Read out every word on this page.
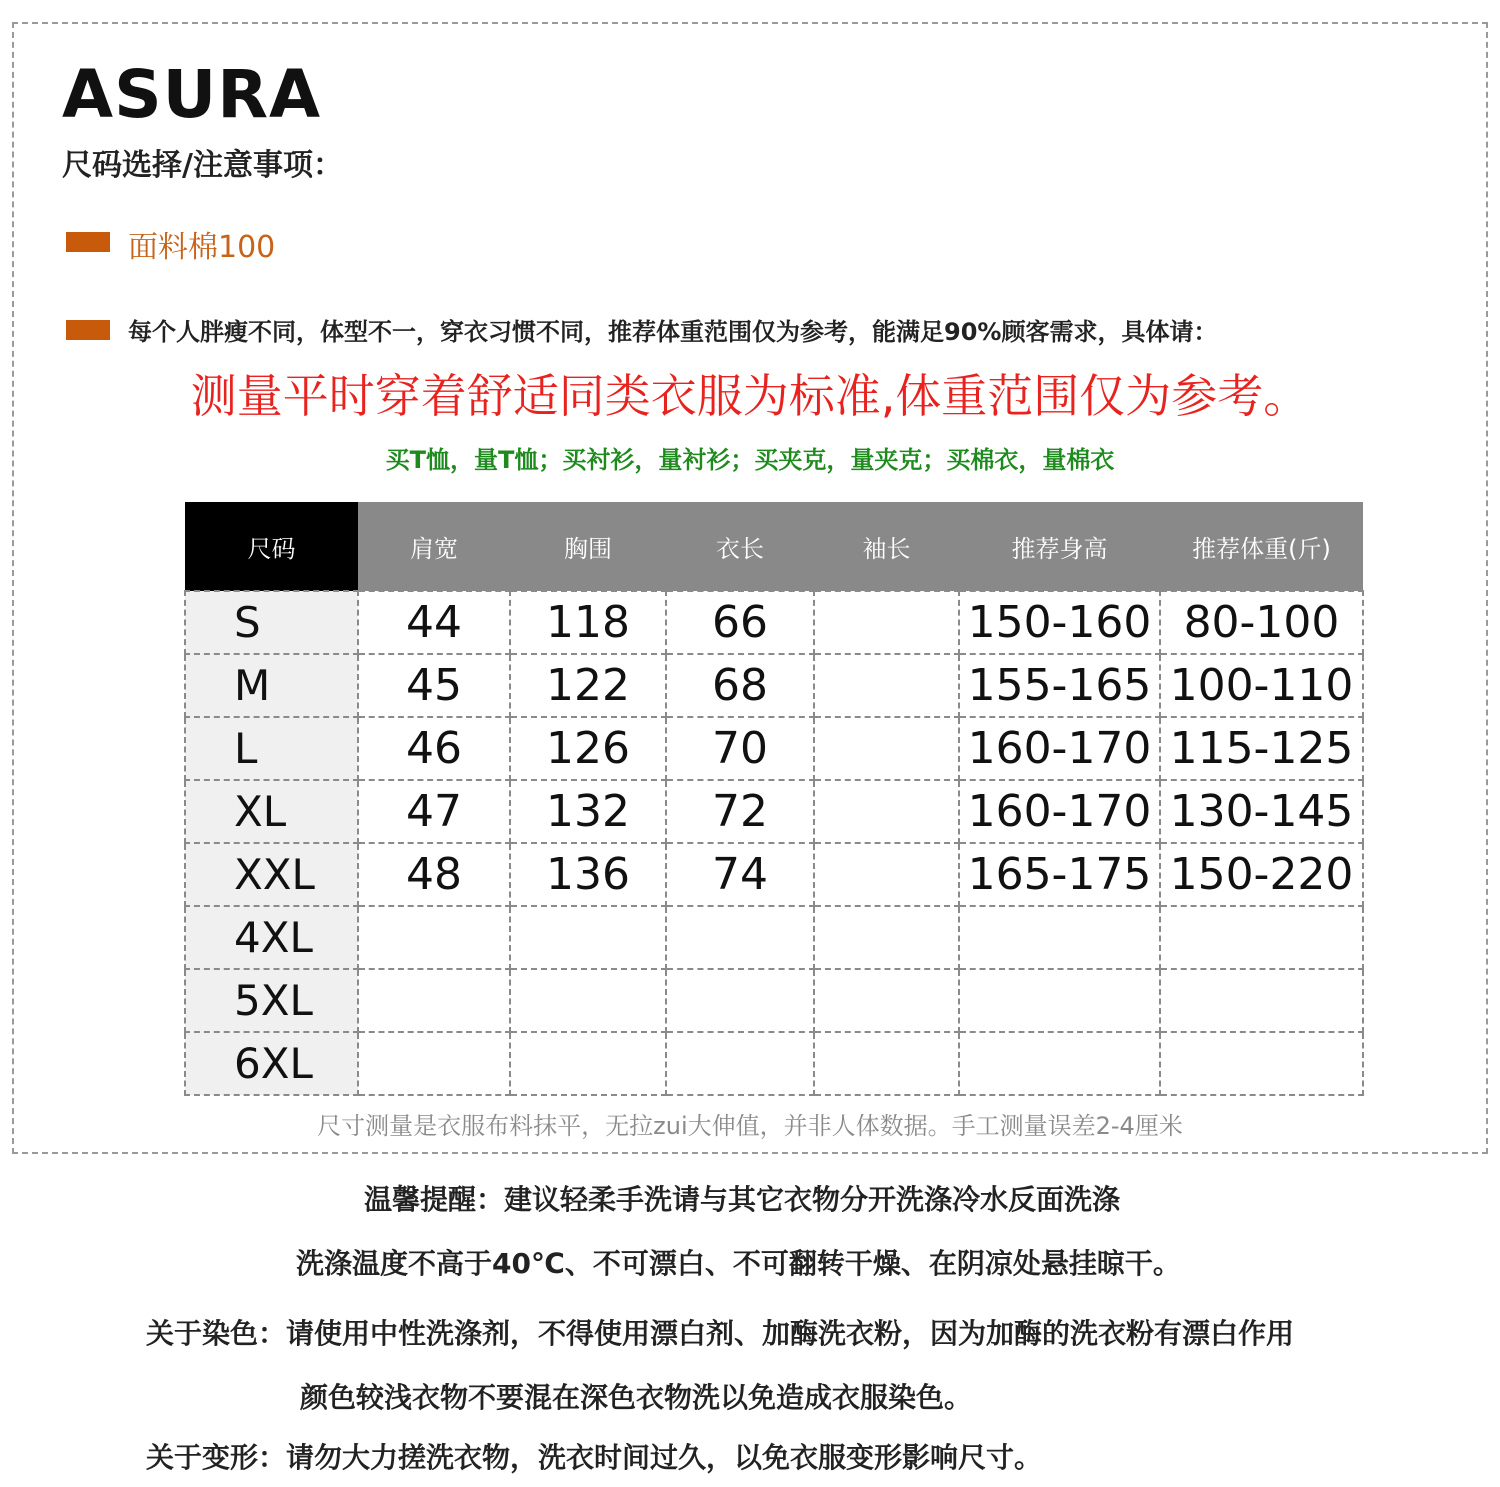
ASURA
尺码选择/注意事项：
面料棉100
每个人胖瘦不同，体型不一，穿衣习惯不同，推荐体重范围仅为参考，能满足90%顾客需求，具体请：
测量平时穿着舒适同类衣服为标准,体重范围仅为参考。
买T恤，量T恤；买衬衫，量衬衫；买夹克，量夹克；买棉衣，量棉衣
尺码	肩宽	胸围	衣长	袖长	推荐身高	推荐体重(斤)
S	44	118	66		150-160	80-100
M	45	122	68		155-165	100-110
L	46	126	70		160-170	115-125
XL	47	132	72		160-170	130-145
XXL	48	136	74		165-175	150-220
4XL						
5XL						
6XL						
尺寸测量是衣服布料抹平，无拉zui大伸值，并非人体数据。手工测量误差2-4厘米
温馨提醒：建议轻柔手洗请与其它衣物分开洗涤冷水反面洗涤
洗涤温度不高于40℃、不可漂白、不可翻转干燥、在阴凉处悬挂晾干。
关于染色：请使用中性洗涤剂，不得使用漂白剂、加酶洗衣粉，因为加酶的洗衣粉有漂白作用
颜色较浅衣物不要混在深色衣物洗以免造成衣服染色。
关于变形：请勿大力搓洗衣物，洗衣时间过久，以免衣服变形影响尺寸。
